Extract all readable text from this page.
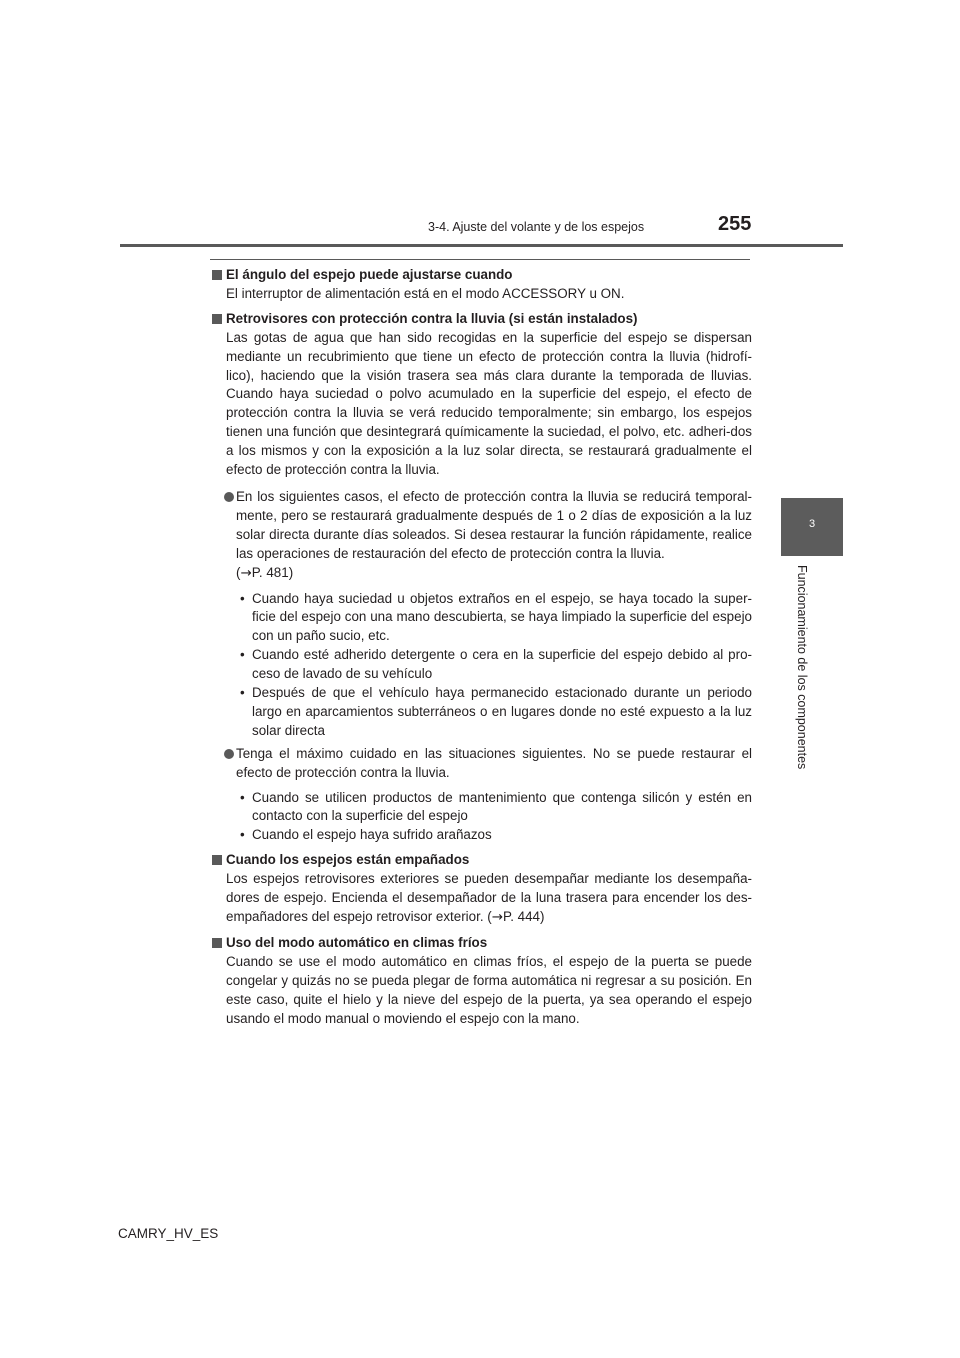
3-4. Ajuste del volante y de los espejos	255
3
Funcionamiento de los componentes
El ángulo del espejo puede ajustarse cuando
El interruptor de alimentación está en el modo ACCESSORY u ON.
Retrovisores con protección contra la lluvia (si están instalados)
Las gotas de agua que han sido recogidas en la superficie del espejo se dispersan mediante un recubrimiento que tiene un efecto de protección contra la lluvia (hidrofí-lico), haciendo que la visión trasera sea más clara durante la temporada de lluvias. Cuando haya suciedad o polvo acumulado en la superficie del espejo, el efecto de protección contra la lluvia se verá reducido temporalmente; sin embargo, los espejos tienen una función que desintegrará químicamente la suciedad, el polvo, etc. adheri-dos a los mismos y con la exposición a la luz solar directa, se restaurará gradualmente el efecto de protección contra la lluvia.
En los siguientes casos, el efecto de protección contra la lluvia se reducirá temporal-mente, pero se restaurará gradualmente después de 1 o 2 días de exposición a la luz solar directa durante días soleados. Si desea restaurar la función rápidamente, realice las operaciones de restauración del efecto de protección contra la lluvia.
(→P. 481)
• Cuando haya suciedad u objetos extraños en el espejo, se haya tocado la super-ficie del espejo con una mano descubierta, se haya limpiado la superficie del espejo con un paño sucio, etc.
• Cuando esté adherido detergente o cera en la superficie del espejo debido al pro-ceso de lavado de su vehículo
• Después de que el vehículo haya permanecido estacionado durante un periodo largo en aparcamientos subterráneos o en lugares donde no esté expuesto a la luz solar directa
Tenga el máximo cuidado en las situaciones siguientes. No se puede restaurar el efecto de protección contra la lluvia.
• Cuando se utilicen productos de mantenimiento que contenga silicón y estén en contacto con la superficie del espejo
• Cuando el espejo haya sufrido arañazos
Cuando los espejos están empañados
Los espejos retrovisores exteriores se pueden desempañar mediante los desempaña-dores de espejo. Encienda el desempañador de la luna trasera para encender los des-empañadores del espejo retrovisor exterior. (→P. 444)
Uso del modo automático en climas fríos
Cuando se use el modo automático en climas fríos, el espejo de la puerta se puede congelar y quizás no se pueda plegar de forma automática ni regresar a su posición. En este caso, quite el hielo y la nieve del espejo de la puerta, ya sea operando el espejo usando el modo manual o moviendo el espejo con la mano.
CAMRY_HV_ES
